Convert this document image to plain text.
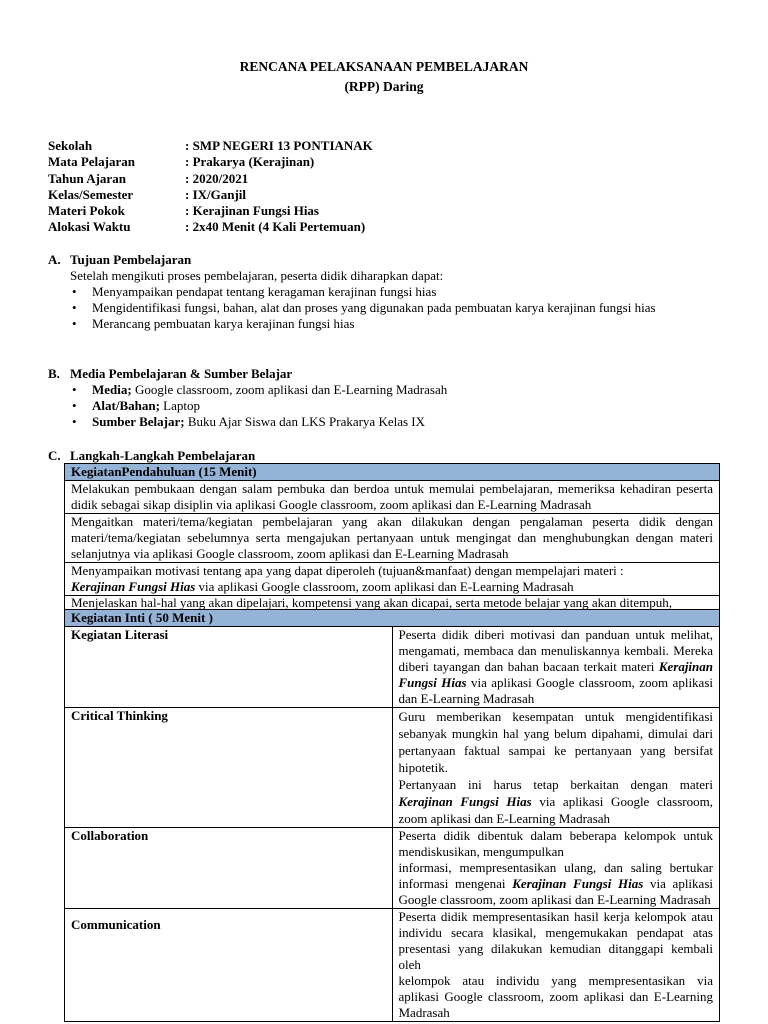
RENCANA PELAKSANAAN PEMBELAJARAN
(RPP) Daring
Sekolah	: SMP NEGERI 13 PONTIANAK
Mata Pelajaran	: Prakarya (Kerajinan)
Tahun Ajaran	: 2020/2021
Kelas/Semester	: IX/Ganjil
Materi Pokok	: Kerajinan Fungsi Hias
Alokasi Waktu	: 2x40 Menit (4 Kali Pertemuan)
A. Tujuan Pembelajaran
Setelah mengikuti proses pembelajaran, peserta didik diharapkan dapat:
• Menyampaikan pendapat tentang keragaman kerajinan fungsi hias
• Mengidentifikasi fungsi, bahan, alat dan proses yang digunakan pada pembuatan karya kerajinan fungsi hias
• Merancang pembuatan karya kerajinan fungsi hias
B. Media Pembelajaran & Sumber Belajar
• Media; Google classroom, zoom aplikasi dan E-Learning Madrasah
• Alat/Bahan; Laptop
• Sumber Belajar; Buku Ajar Siswa dan LKS Prakarya Kelas IX
C. Langkah-Langkah Pembelajaran
KegiatanPendahuluan (15 Menit)	
Melakukan pembukaan dengan salam pembuka dan berdoa untuk memulai pembelajaran, memeriksa kehadiran peserta didik sebagai sikap disiplin via aplikasi Google classroom, zoom aplikasi dan E-Learning Madrasah	
Mengaitkan materi/tema/kegiatan pembelajaran yang akan dilakukan dengan pengalaman peserta didik dengan materi/tema/kegiatan sebelumnya serta mengajukan pertanyaan untuk mengingat dan menghubungkan dengan materi selanjutnya via aplikasi Google classroom, zoom aplikasi dan E-Learning Madrasah	
Menyampaikan motivasi tentang apa yang dapat diperoleh (tujuan&manfaat) dengan mempelajari materi :
Kerajinan Fungsi Hias via aplikasi Google classroom, zoom aplikasi dan E-Learning Madrasah	
Menjelaskan hal-hal yang akan dipelajari, kompetensi yang akan dicapai, serta metode belajar yang akan ditempuh,	
Kegiatan Inti ( 50 Menit )	
Kegiatan Literasi	Peserta didik diberi motivasi dan panduan untuk melihat, mengamati, membaca dan menuliskannya kembali. Mereka diberi tayangan dan bahan bacaan terkait materi Kerajinan Fungsi Hias via aplikasi Google classroom, zoom aplikasi dan E-Learning Madrasah
Critical Thinking	Guru memberikan kesempatan untuk mengidentifikasi sebanyak mungkin hal yang belum dipahami, dimulai dari pertanyaan faktual sampai ke pertanyaan yang bersifat hipotetik.
Pertanyaan ini harus tetap berkaitan dengan materi Kerajinan Fungsi Hias via aplikasi Google classroom, zoom aplikasi dan E-Learning Madrasah
Collaboration	Peserta didik dibentuk dalam beberapa kelompok untuk mendiskusikan, mengumpulkan
informasi, mempresentasikan ulang, dan saling bertukar informasi mengenai Kerajinan Fungsi Hias via aplikasi Google classroom, zoom aplikasi dan E-Learning Madrasah
Communication	Peserta didik mempresentasikan hasil kerja kelompok atau individu secara klasikal, mengemukakan pendapat atas presentasi yang dilakukan kemudian ditanggapi kembali oleh
kelompok atau individu yang mempresentasikan via aplikasi Google classroom, zoom aplikasi dan E-Learning Madrasah
